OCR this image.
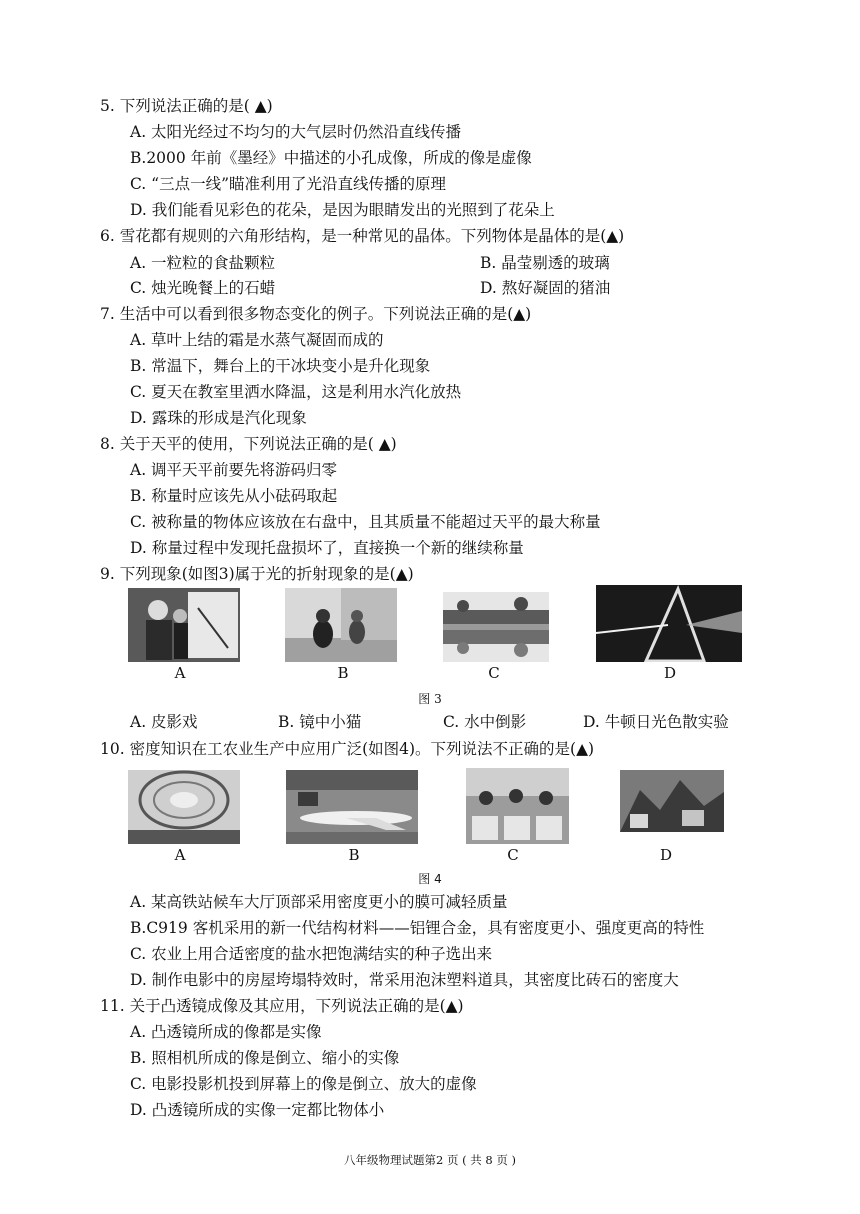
5. 下列说法正确的是( ▲)
A. 太阳光经过不均匀的大气层时仍然沿直线传播
B.2000 年前《墨经》中描述的小孔成像，所成的像是虚像
C. “三点一线”瞄准利用了光沿直线传播的原理
D. 我们能看见彩色的花朵，是因为眼睛发出的光照到了花朵上
6. 雪花都有规则的六角形结构，是一种常见的晶体。下列物体是晶体的是(▲)
A. 一粒粒的食盐颗粒	B. 晶莹剔透的玻璃
C. 烛光晚餐上的石蜡	D. 熬好凝固的猪油
7. 生活中可以看到很多物态变化的例子。下列说法正确的是(▲)
A. 草叶上结的霜是水蒸气凝固而成的
B. 常温下，舞台上的干冰块变小是升化现象
C. 夏天在教室里洒水降温，这是利用水汽化放热
D. 露珠的形成是汽化现象
8. 关于天平的使用，下列说法正确的是( ▲)
A. 调平天平前要先将游码归零
B. 称量时应该先从小砝码取起
C. 被称量的物体应该放在右盘中，且其质量不能超过天平的最大称量
D. 称量过程中发现托盘损坏了，直接换一个新的继续称量
9. 下列现象(如图3)属于光的折射现象的是(▲)
A	B	C	D
图 3
A. 皮影戏	B. 镜中小猫	C. 水中倒影	D. 牛顿日光色散实验
10. 密度知识在工农业生产中应用广泛(如图4)。下列说法不正确的是(▲)
A	B	C	D
图 4
A. 某高铁站候车大厅顶部采用密度更小的膜可减轻质量
B.C919 客机采用的新一代结构材料——铝锂合金，具有密度更小、强度更高的特性
C. 农业上用合适密度的盐水把饱满结实的种子选出来
D. 制作电影中的房屋垮塌特效时，常采用泡沫塑料道具，其密度比砖石的密度大
11. 关于凸透镜成像及其应用，下列说法正确的是(▲)
A. 凸透镜所成的像都是实像
B. 照相机所成的像是倒立、缩小的实像
C. 电影投影机投到屏幕上的像是倒立、放大的虚像
D. 凸透镜所成的实像一定都比物体小
八年级物理试题第2 页 ( 共 8 页 )
